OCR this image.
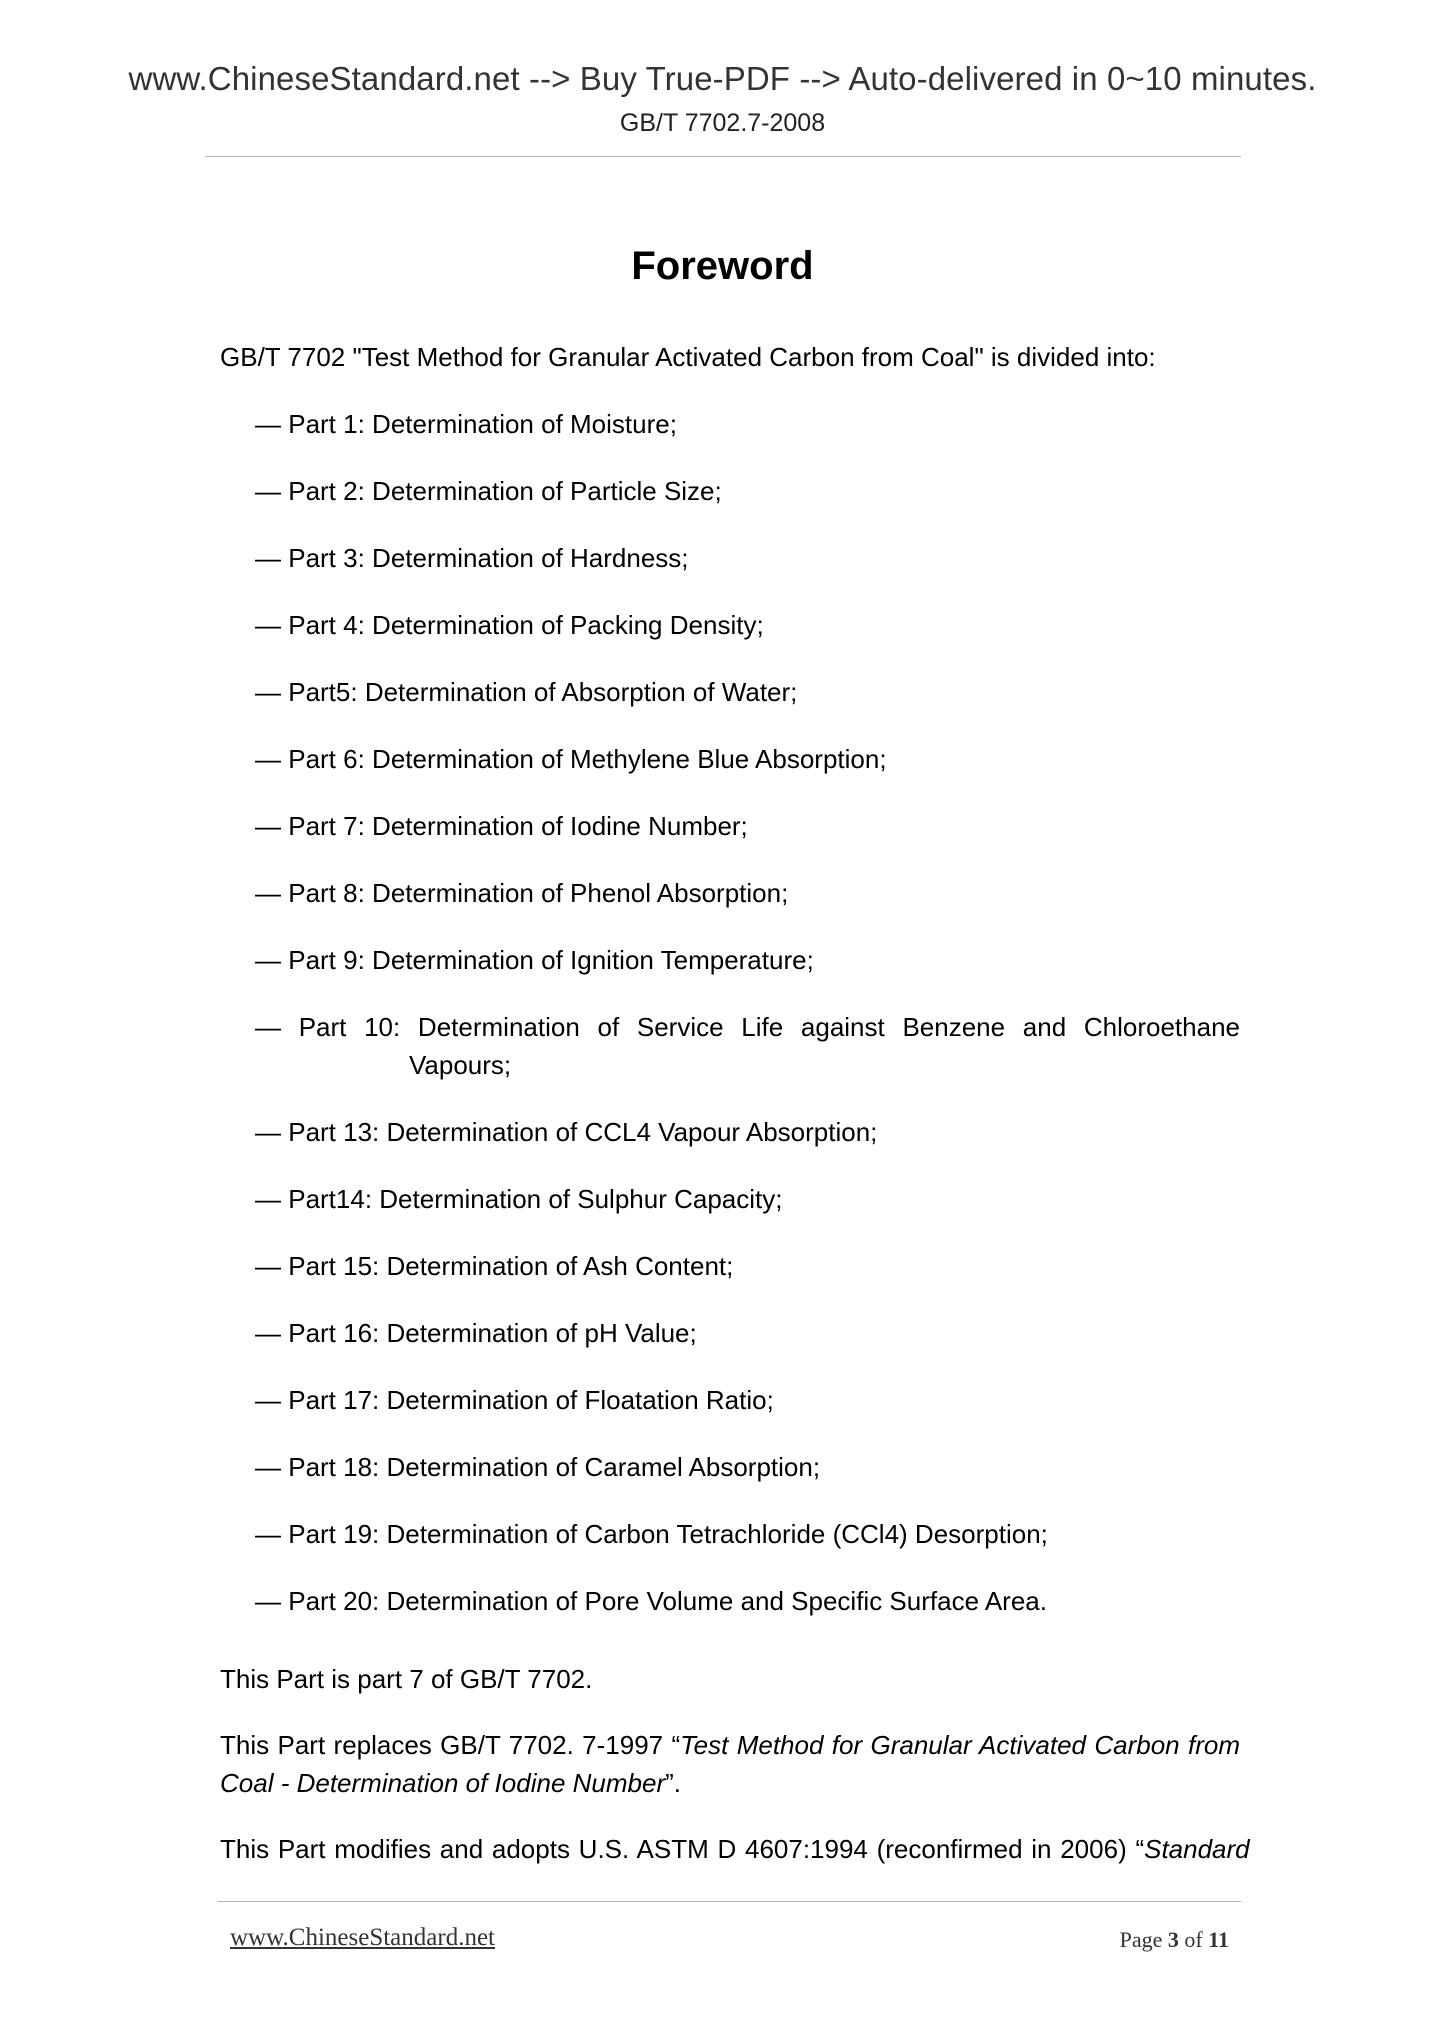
www.ChineseStandard.net --> Buy True-PDF --> Auto-delivered in 0~10 minutes.
GB/T 7702.7-2008
Foreword
GB/T 7702 "Test Method for Granular Activated Carbon from Coal" is divided into:
— Part 1: Determination of Moisture;
— Part 2: Determination of Particle Size;
— Part 3: Determination of Hardness;
— Part 4: Determination of Packing Density;
— Part5: Determination of Absorption of Water;
— Part 6: Determination of Methylene Blue Absorption;
— Part 7: Determination of Iodine Number;
— Part 8: Determination of Phenol Absorption;
— Part 9: Determination of Ignition Temperature;
— Part 10: Determination of Service Life against Benzene and Chloroethane
Vapours;
— Part 13: Determination of CCL4 Vapour Absorption;
— Part14: Determination of Sulphur Capacity;
— Part 15: Determination of Ash Content;
— Part 16: Determination of pH Value;
— Part 17: Determination of Floatation Ratio;
— Part 18: Determination of Caramel Absorption;
— Part 19: Determination of Carbon Tetrachloride (CCl4) Desorption;
— Part 20: Determination of Pore Volume and Specific Surface Area.
This Part is part 7 of GB/T 7702.
This Part replaces GB/T 7702. 7-1997 “Test Method for Granular Activated Carbon from Coal - Determination of Iodine Number”.
This Part modifies and adopts U.S. ASTM D 4607:1994 (reconfirmed in 2006) “Standard
www.ChineseStandard.net	Page 3 of 11
